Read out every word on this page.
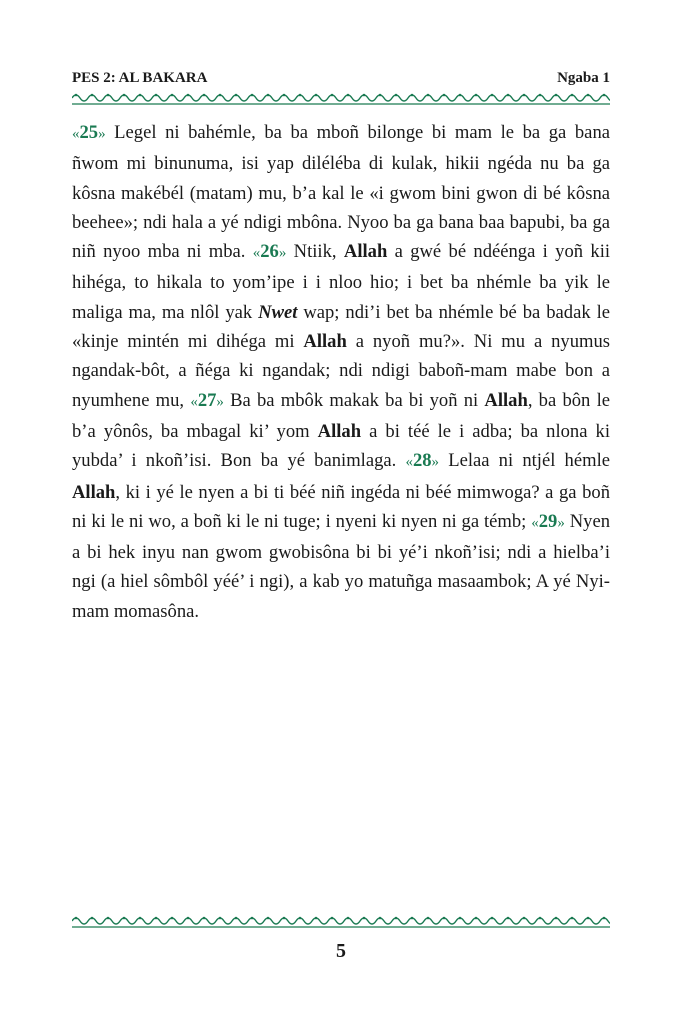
PES 2: AL BAKARA	Ngaba 1

«25» Legel ni bahémle, ba ba mboñ bilonge bi mam le ba ga bana ñwom mi binunuma, isi yap diléléba di kulak, hikii ngéda nu ba ga kôsna makébél (matam) mu, b’a kal le «i gwom bini gwon di bé kôsna beehee»; ndi hala a yé ndigi mbôna. Nyoo ba ga bana baa bapubi, ba ga niñ nyoo mba ni mba. «26» Ntiik, Allah a gwé bé ndéénga i yoñ kii hihéga, to hikala to yom’ipe i i nloo hio; i bet ba nhémle ba yik le maliga ma, ma nlôl yak Nwet wap; ndi’i bet ba nhémle bé ba badak le «kinje mintén mi dihéga mi Allah a nyoñ mu?». Ni mu a nyumus ngandak-bôt, a ñéga ki ngandak; ndi ndigi baboñ-mam mabe bon a nyumhene mu, «27» Ba ba mbôk makak ba bi yoñ ni Allah, ba bôn le b’a yônôs, ba mbagal ki’ yom Allah a bi téé le i adba; ba nlona ki yubda’ i nkoñ’isi. Bon ba yé banimlaga. «28» Lelaa ni ntjél hémle Allah, ki i yé le nyen a bi ti béé niñ ingéda ni béé mimwoga? a ga boñ ni ki le ni wo, a boñ ki le ni tuge; i nyeni ki nyen ni ga témb; «29» Nyen a bi hek inyu nan gwom gwobisôna bi bi yé’i nkoñ’isi; ndi a hielba’i ngi (a hiel sômbôl yéé’ i ngi), a kab yo matuñga masaambok; A yé Nyi-mam momasôna.

5
